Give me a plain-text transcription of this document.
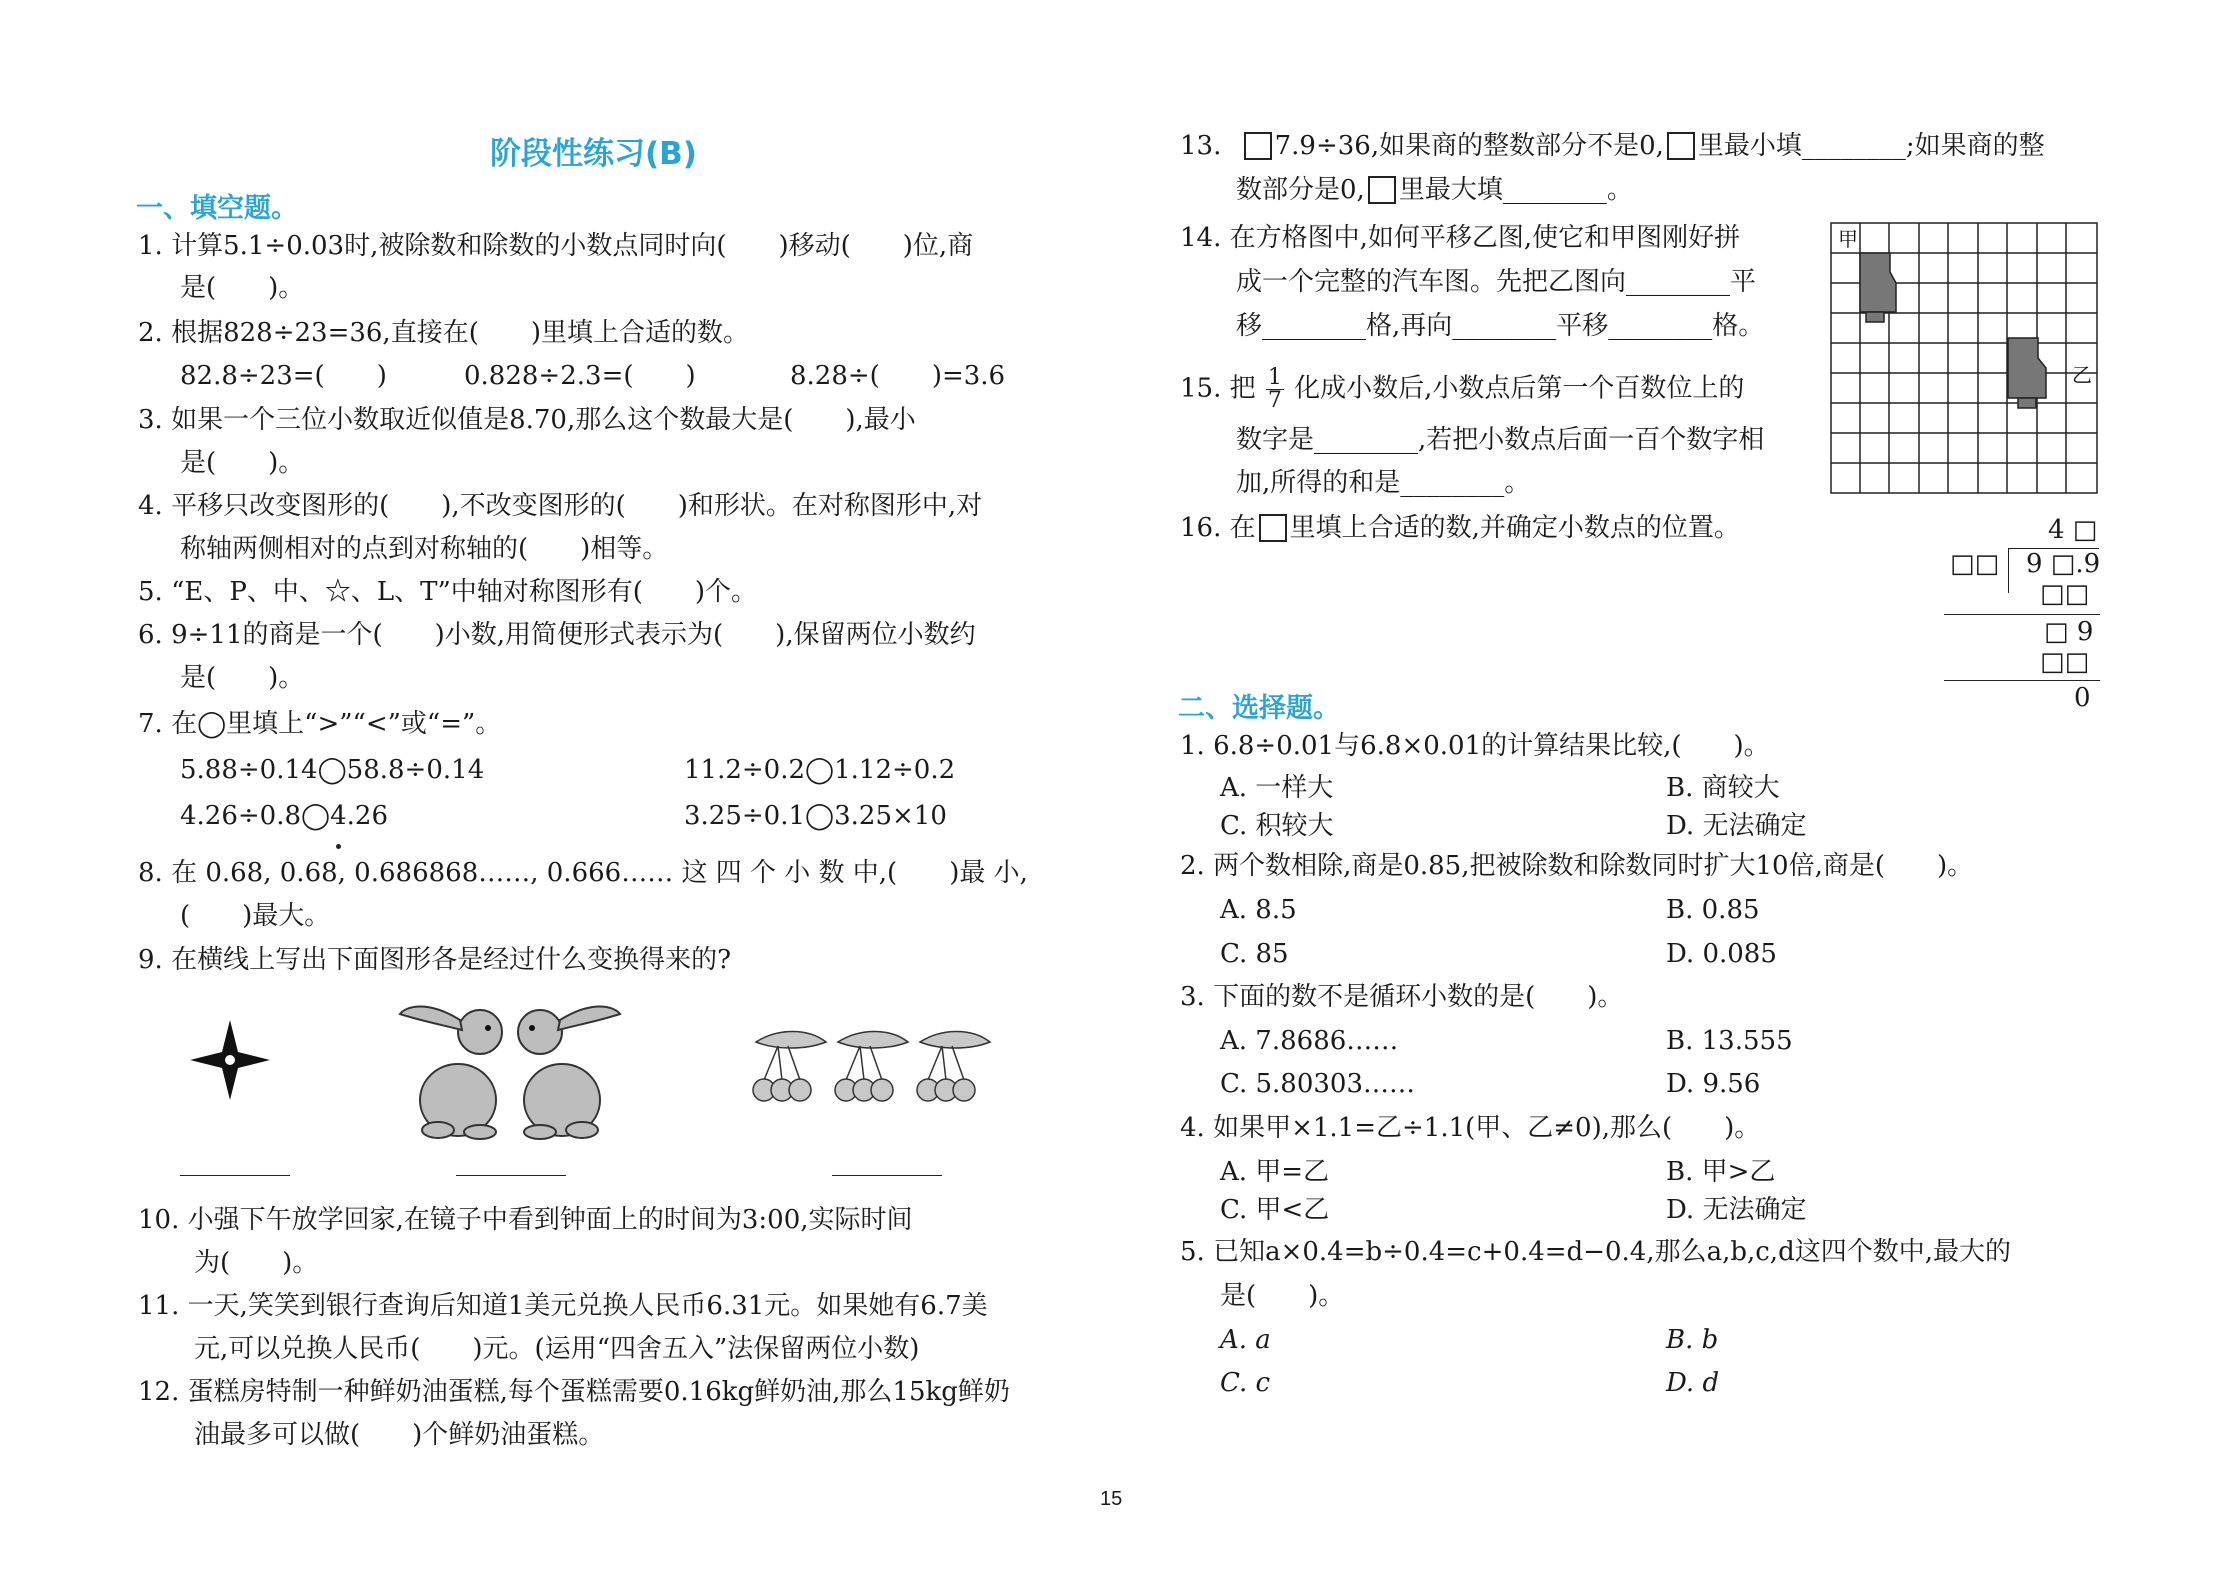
阶段性练习(B)
一、填空题。
1. 计算5.1÷0.03时,被除数和除数的小数点同时向(　　)移动(　　)位,商
是(　　)。
2. 根据828÷23=36,直接在(　　)里填上合适的数。
82.8÷23=(　　)	0.828÷2.3=(　　)	8.28÷(　　)=3.6
3. 如果一个三位小数取近似值是8.70,那么这个数最大是(　　),最小
是(　　)。
4. 平移只改变图形的(　　),不改变图形的(　　)和形状。在对称图形中,对
称轴两侧相对的点到对称轴的(　　)相等。
5. “E、P、中、☆、L、T”中轴对称图形有(　　)个。
6. 9÷11的商是一个(　　)小数,用简便形式表示为(　　),保留两位小数约
是(　　)。
7. 在◯里填上“>”“<”或“=”。
5.88÷0.14◯58.8÷0.14	11.2÷0.2◯1.12÷0.2
4.26÷0.8◯4.26	3.25÷0.1◯3.25×10
8. 在 0.68, 0.68, 0.686868……, 0.666…… 这 四 个 小 数 中,(　　)最 小,
(　　)最大。
9. 在横线上写出下面图形各是经过什么变换得来的?
10. 小强下午放学回家,在镜子中看到钟面上的时间为3:00,实际时间
为(　　)。
11. 一天,笑笑到银行查询后知道1美元兑换人民币6.31元。如果她有6.7美
元,可以兑换人民币(　　)元。(运用“四舍五入”法保留两位小数)
12. 蛋糕房特制一种鲜奶油蛋糕,每个蛋糕需要0.16kg鲜奶油,那么15kg鲜奶
油最多可以做(　　)个鲜奶油蛋糕。
13. 7.9÷36,如果商的整数部分不是0, 里最小填________;如果商的整
数部分是0, 里最大填________。
14. 在方格图中,如何平移乙图,使它和甲图刚好拼
成一个完整的汽车图。先把乙图向________平
移________格,再向________平移________格。
15. 把 $\frac{1}{7}$ 化成小数后,小数点后第一个百数位上的
数字是________,若把小数点后面一百个数字相
加,所得的和是________。
16. 在 里填上合适的数,并确定小数点的位置。
甲
乙
4 □
□□ 9 □.9
□□
□ 9
□□
0
二、选择题。
1. 6.8÷0.01与6.8×0.01的计算结果比较,(　　)。
A. 一样大	B. 商较大
C. 积较大	D. 无法确定
2. 两个数相除,商是0.85,把被除数和除数同时扩大10倍,商是(　　)。
A. 8.5	B. 0.85
C. 85	D. 0.085
3. 下面的数不是循环小数的是(　　)。
A. 7.8686……	B. 13.555
C. 5.80303……	D. 9.56
4. 如果甲×1.1=乙÷1.1(甲、乙≠0),那么(　　)。
A. 甲=乙	B. 甲>乙
C. 甲<乙	D. 无法确定
5. 已知a×0.4=b÷0.4=c+0.4=d−0.4,那么a,b,c,d这四个数中,最大的
是(　　)。
A. a	B. b
C. c	D. d
15
